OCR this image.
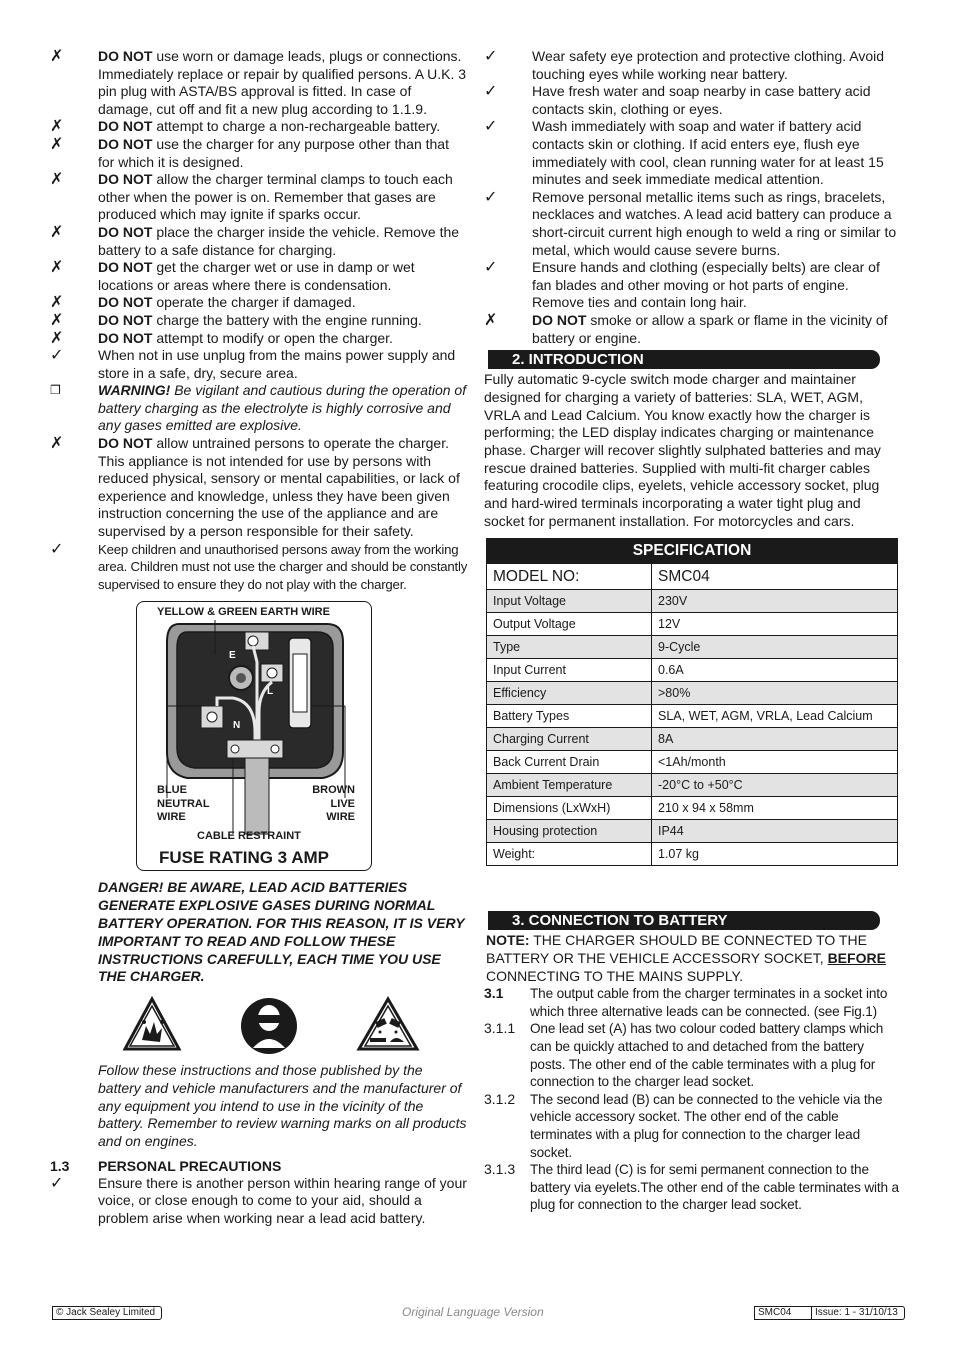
✗	DO NOT use worn or damage leads, plugs or connections. Immediately replace or repair by qualified persons. A U.K. 3 pin plug with ASTA/BS approval is fitted. In case of damage, cut off and fit a new plug according to 1.1.9.
✗	DO NOT attempt to charge a non-rechargeable battery.
✗	DO NOT use the charger for any purpose other than that for which it is designed.
✗	DO NOT allow the charger terminal clamps to touch each other when the power is on. Remember that gases are produced which may ignite if sparks occur.
✗	DO NOT place the charger inside the vehicle. Remove the battery to a safe distance for charging.
✗	DO NOT get the charger wet or use in damp or wet locations or areas where there is condensation.
✗	DO NOT operate the charger if damaged.
✗	DO NOT charge the battery with the engine running.
✗	DO NOT attempt to modify or open the charger.
✓	When not in use unplug from the mains power supply and store in a safe, dry, secure area.
❒	WARNING! Be vigilant and cautious during the operation of battery charging as the electrolyte is highly corrosive and any gases emitted are explosive.
✗	DO NOT allow untrained persons to operate the charger. This appliance is not intended for use by persons with reduced physical, sensory or mental capabilities, or lack of experience and knowledge, unless they have been given instruction concerning the use of the appliance and are supervised by a person responsible for their safety.
✓	Keep children and unauthorised persons away from the working area. Children must not use the charger and should be constantly supervised to ensure they do not play with the charger.
YELLOW & GREEN EARTH WIRE
E
L
N
BLUE
NEUTRAL
WIRE
BROWN
LIVE
WIRE
CABLE RESTRAINT
FUSE RATING 3 AMP
DANGER! BE AWARE, LEAD ACID BATTERIES GENERATE EXPLOSIVE GASES DURING NORMAL BATTERY OPERATION. FOR THIS REASON, IT IS VERY IMPORTANT TO READ AND FOLLOW THESE INSTRUCTIONS CAREFULLY, EACH TIME YOU USE THE CHARGER.
Follow these instructions and those published by the battery and vehicle manufacturers and the manufacturer of any equipment you intend to use in the vicinity of the battery. Remember to review warning marks on all products and on engines.
1.3	PERSONAL PRECAUTIONS
✓	Ensure there is another person within hearing range of your voice, or close enough to come to your aid, should a problem arise when working near a lead acid battery.
✓	Wear safety eye protection and protective clothing. Avoid touching eyes while working near battery.
✓	Have fresh water and soap nearby in case battery acid contacts skin, clothing or eyes.
✓	Wash immediately with soap and water if battery acid contacts skin or clothing. If acid enters eye, flush eye immediately with cool, clean running water for at least 15 minutes and seek immediate medical attention.
✓	Remove personal metallic items such as rings, bracelets, necklaces and watches. A lead acid battery can produce a short-circuit current high enough to weld a ring or similar to metal, which would cause severe burns.
✓	Ensure hands and clothing (especially belts) are clear of fan blades and other moving or hot parts of engine. Remove ties and contain long hair.
✗	DO NOT smoke or allow a spark or flame in the vicinity of battery or engine.
2. INTRODUCTION
Fully automatic 9-cycle switch mode charger and maintainer designed for charging a variety of batteries: SLA, WET, AGM, VRLA and Lead Calcium. You know exactly how the charger is performing; the LED display indicates charging or maintenance phase. Charger will recover slightly sulphated batteries and may rescue drained batteries. Supplied with multi-fit charger cables featuring crocodile clips, eyelets, vehicle accessory socket, plug and hard-wired terminals incorporating a water tight plug and socket for permanent installation. For motorcycles and cars.
SPECIFICATION	
MODEL NO:	SMC04
Input Voltage	230V
Output Voltage	12V
Type	9-Cycle
Input Current	0.6A
Efficiency	>80%
Battery Types	SLA, WET, AGM, VRLA, Lead Calcium
Charging Current	8A
Back Current Drain	<1Ah/month
Ambient Temperature	-20°C to +50°C
Dimensions (LxWxH)	210 x 94 x 58mm
Housing protection	IP44
Weight:	1.07 kg
3. CONNECTION TO BATTERY
NOTE: THE CHARGER SHOULD BE CONNECTED TO THE BATTERY OR THE VEHICLE ACCESSORY SOCKET, BEFORE CONNECTING TO THE MAINS SUPPLY.
3.1	The output cable from the charger terminates in a socket into which three alternative leads can be connected. (see Fig.1)
3.1.1	One lead set (A) has two colour coded battery clamps which can be quickly attached to and detached from the battery posts. The other end of the cable terminates with a plug for connection to the charger lead socket.
3.1.2	The second lead (B) can be connected to the vehicle via the vehicle accessory socket. The other end of the cable terminates with a plug for connection to the charger lead socket.
3.1.3	The third lead (C) is for semi permanent connection to the battery via eyelets.The other end of the cable terminates with a plug for connection to the charger lead socket.
© Jack Sealey Limited	Original Language Version	SMC04	Issue: 1 - 31/10/13
